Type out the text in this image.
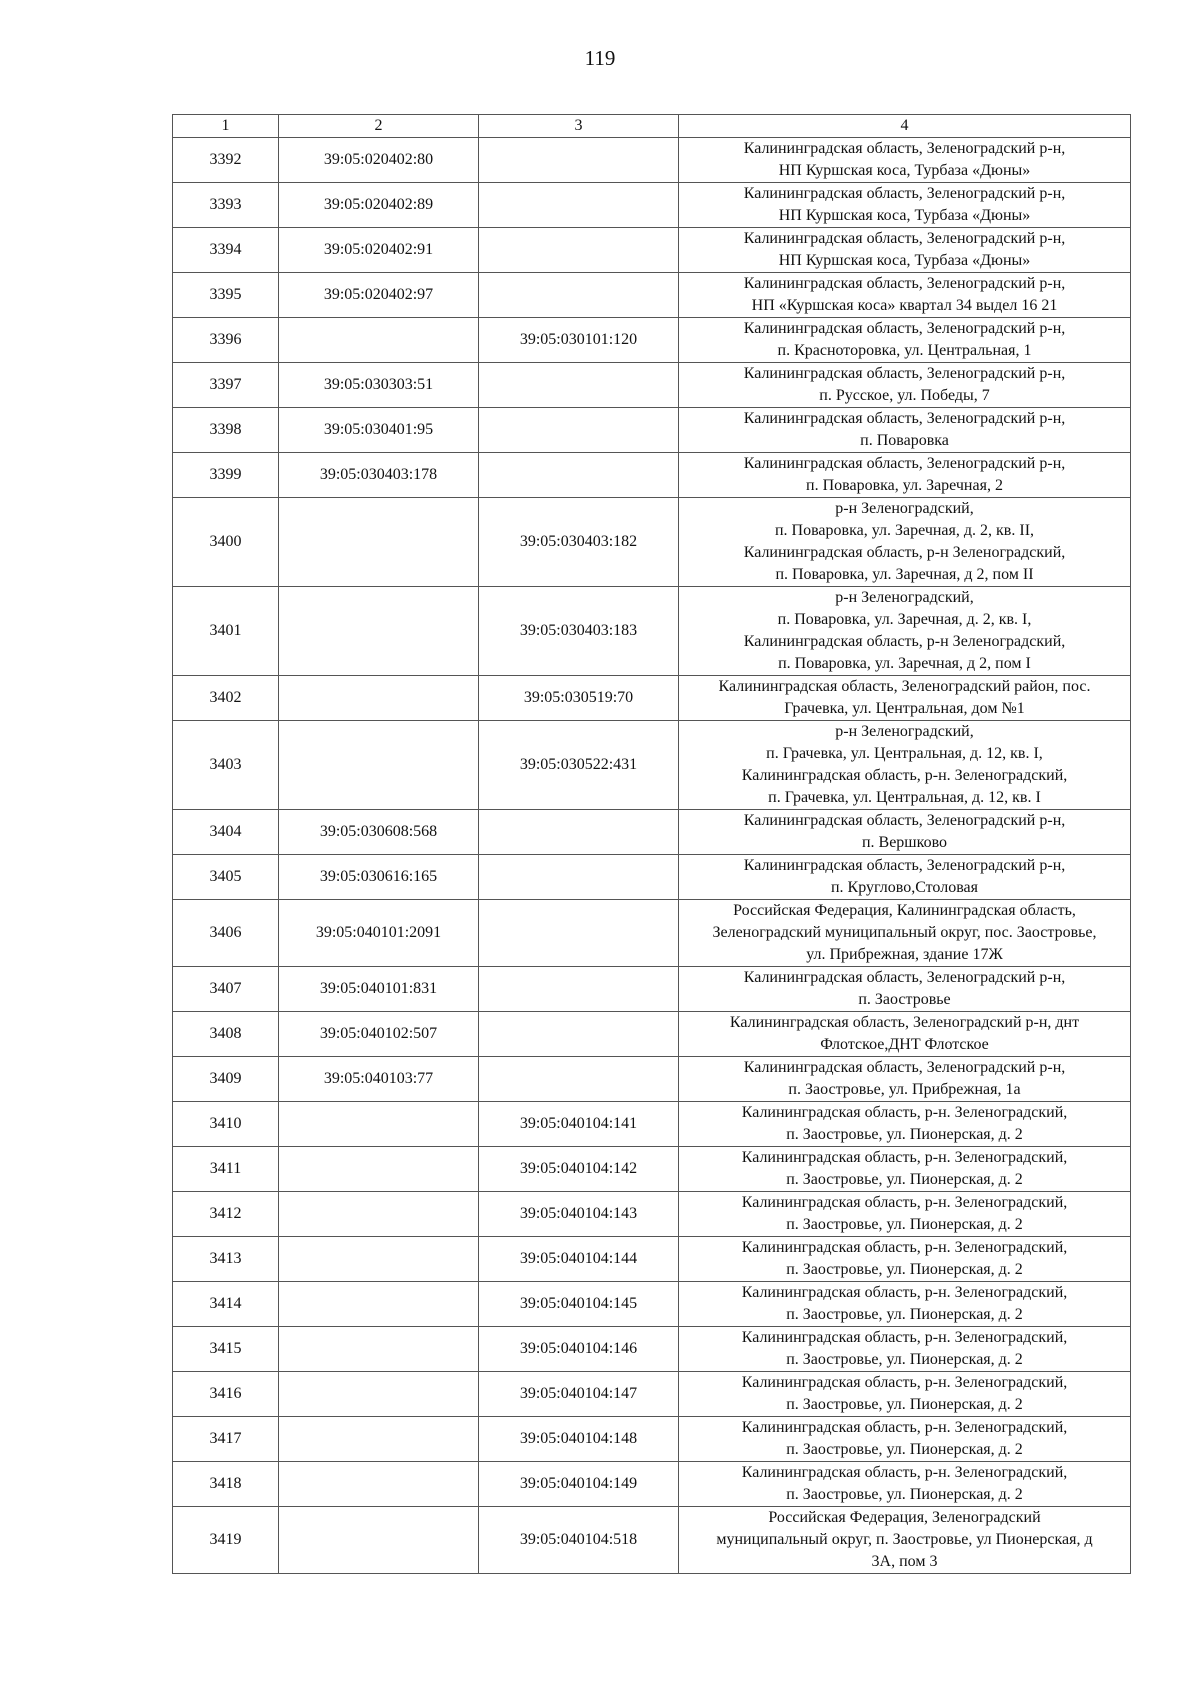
119
1	2	3	4
3392	39:05:020402:80		Калининградская область, Зеленоградский р-н,
НП Куршская коса, Турбаза «Дюны»
3393	39:05:020402:89		Калининградская область, Зеленоградский р-н,
НП Куршская коса, Турбаза «Дюны»
3394	39:05:020402:91		Калининградская область, Зеленоградский р-н,
НП Куршская коса, Турбаза «Дюны»
3395	39:05:020402:97		Калининградская область, Зеленоградский р-н,
НП «Куршская коса» квартал 34 выдел 16 21
3396		39:05:030101:120	Калининградская область, Зеленоградский р-н,
п. Красноторовка, ул. Центральная, 1
3397	39:05:030303:51		Калининградская область, Зеленоградский р-н,
п. Русское, ул. Победы, 7
3398	39:05:030401:95		Калининградская область, Зеленоградский р-н,
п. Поваровка
3399	39:05:030403:178		Калининградская область, Зеленоградский р-н,
п. Поваровка, ул. Заречная, 2
3400		39:05:030403:182	р-н Зеленоградский,
п. Поваровка, ул. Заречная, д. 2, кв. II,
Калининградская область, р-н Зеленоградский,
п. Поваровка, ул. Заречная, д 2, пом II
3401		39:05:030403:183	р-н Зеленоградский,
п. Поваровка, ул. Заречная, д. 2, кв. I,
Калининградская область, р-н Зеленоградский,
п. Поваровка, ул. Заречная, д 2, пом I
3402		39:05:030519:70	Калининградская область, Зеленоградский район, пос.
Грачевка, ул. Центральная, дом №1
3403		39:05:030522:431	р-н Зеленоградский,
п. Грачевка, ул. Центральная, д. 12, кв. I,
Калининградская область, р-н. Зеленоградский,
п. Грачевка, ул. Центральная, д. 12, кв. I
3404	39:05:030608:568		Калининградская область, Зеленоградский р-н,
п. Вершково
3405	39:05:030616:165		Калининградская область, Зеленоградский р-н,
п. Круглово,Столовая
3406	39:05:040101:2091		Российская Федерация, Калининградская область,
Зеленоградский муниципальный округ, пос. Заостровье,
ул. Прибрежная, здание 17Ж
3407	39:05:040101:831		Калининградская область, Зеленоградский р-н,
п. Заостровье
3408	39:05:040102:507		Калининградская область, Зеленоградский р-н, днт
Флотское,ДНТ Флотское
3409	39:05:040103:77		Калининградская область, Зеленоградский р-н,
п. Заостровье, ул. Прибрежная, 1а
3410		39:05:040104:141	Калининградская область, р-н. Зеленоградский,
п. Заостровье, ул. Пионерская, д. 2
3411		39:05:040104:142	Калининградская область, р-н. Зеленоградский,
п. Заостровье, ул. Пионерская, д. 2
3412		39:05:040104:143	Калининградская область, р-н. Зеленоградский,
п. Заостровье, ул. Пионерская, д. 2
3413		39:05:040104:144	Калининградская область, р-н. Зеленоградский,
п. Заостровье, ул. Пионерская, д. 2
3414		39:05:040104:145	Калининградская область, р-н. Зеленоградский,
п. Заостровье, ул. Пионерская, д. 2
3415		39:05:040104:146	Калининградская область, р-н. Зеленоградский,
п. Заостровье, ул. Пионерская, д. 2
3416		39:05:040104:147	Калининградская область, р-н. Зеленоградский,
п. Заостровье, ул. Пионерская, д. 2
3417		39:05:040104:148	Калининградская область, р-н. Зеленоградский,
п. Заостровье, ул. Пионерская, д. 2
3418		39:05:040104:149	Калининградская область, р-н. Зеленоградский,
п. Заостровье, ул. Пионерская, д. 2
3419		39:05:040104:518	Российская Федерация, Зеленоградский
муниципальный округ, п. Заостровье, ул Пионерская, д
3А, пом 3
